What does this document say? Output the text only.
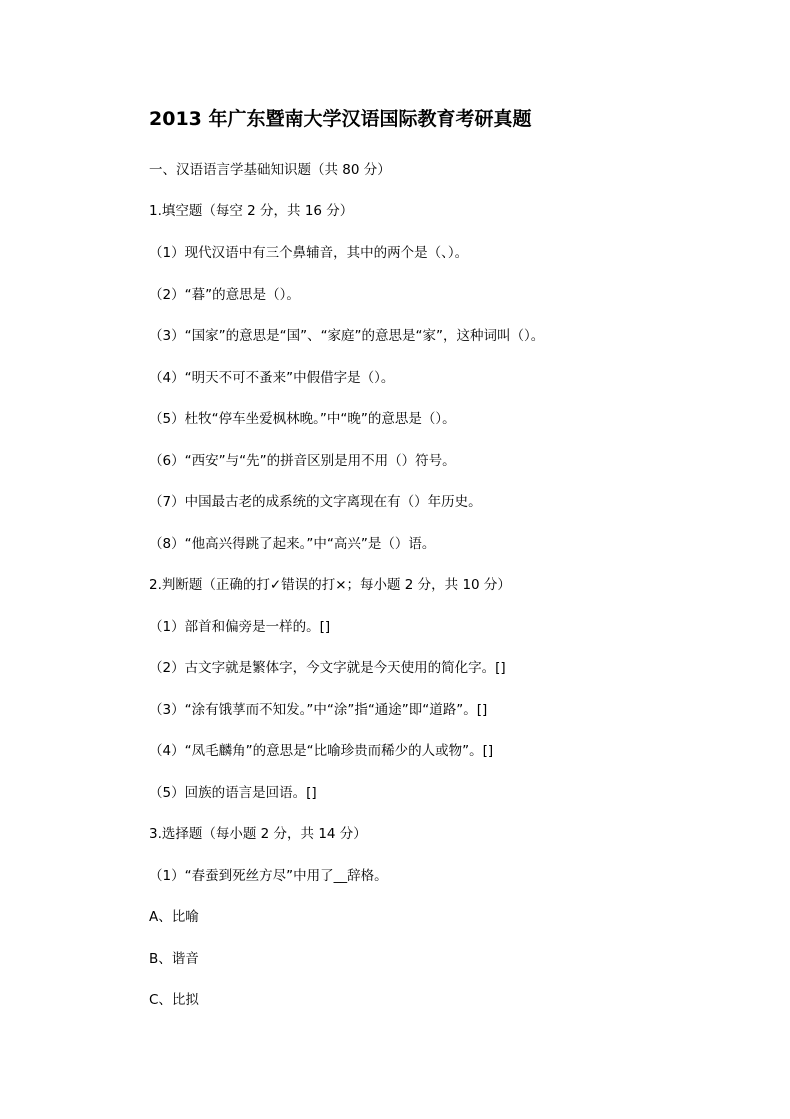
2013 年广东暨南大学汉语国际教育考研真题
一、汉语语言学基础知识题（共 80 分）
1.填空题（每空 2 分，共 16 分）
（1）现代汉语中有三个鼻辅音，其中的两个是（、）。
（2）“暮”的意思是（）。
（3）“国家”的意思是“国”、“家庭”的意思是“家”，这种词叫（）。
（4）“明天不可不蚤来”中假借字是（）。
（5）杜牧“停车坐爱枫林晚。”中“晚”的意思是（）。
（6）“西安”与“先”的拼音区别是用不用（）符号。
（7）中国最古老的成系统的文字离现在有（）年历史。
（8）“他高兴得跳了起来。”中“高兴”是（）语。
2.判断题（正确的打✓错误的打×；每小题 2 分，共 10 分）
（1）部首和偏旁是一样的。[]
（2）古文字就是繁体字，今文字就是今天使用的简化字。[]
（3）“涂有饿莩而不知发。”中“涂”指“通途”即“道路”。[]
（4）“凤毛麟角”的意思是“比喻珍贵而稀少的人或物”。[]
（5）回族的语言是回语。[]
3.选择题（每小题 2 分，共 14 分）
（1）“春蚕到死丝方尽”中用了__辞格。
A、比喻
B、谐音
C、比拟
